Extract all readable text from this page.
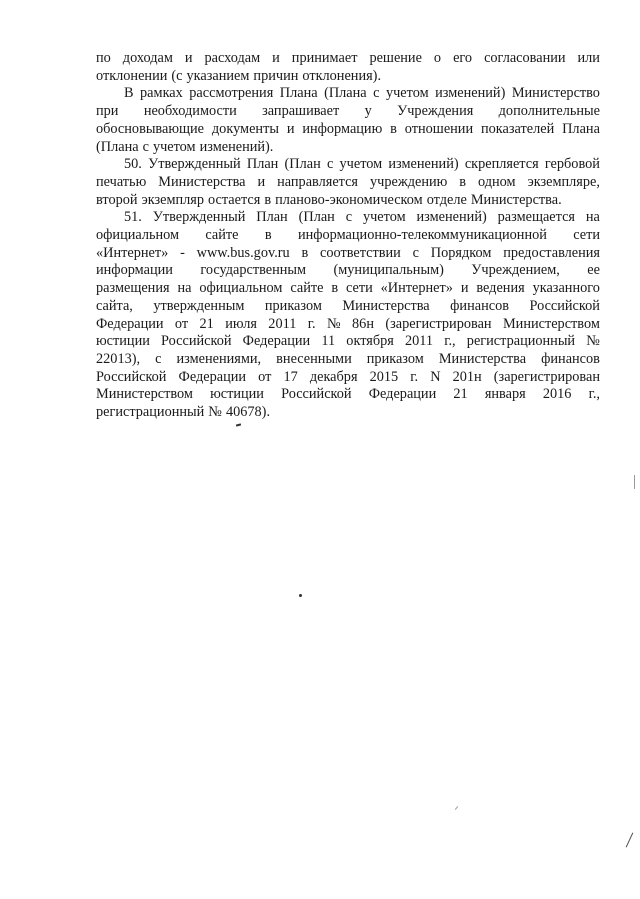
по доходам и расходам и принимает решение о его согласовании или
отклонении (с указанием причин отклонения).
В рамках рассмотрения Плана (Плана с учетом изменений) Министерство
при необходимости запрашивает у Учреждения дополнительные
обосновывающие документы и информацию в отношении показателей Плана
(Плана с учетом изменений).
50. Утвержденный План (План с учетом изменений) скрепляется гербовой
печатью Министерства и направляется учреждению в одном экземпляре,
второй экземпляр остается в планово-экономическом отделе Министерства.
51. Утвержденный План (План с учетом изменений) размещается на
официальном сайте в информационно-телекоммуникационной сети
«Интернет» - www.bus.gov.ru в соответствии с Порядком предоставления
информации государственным (муниципальным) Учреждением, ее
размещения на официальном сайте в сети «Интернет» и ведения указанного
сайта, утвержденным приказом Министерства финансов Российской
Федерации от 21 июля 2011 г. № 86н (зарегистрирован Министерством
юстиции Российской Федерации 11 октября 2011 г., регистрационный №
22013), с изменениями, внесенными приказом Министерства финансов
Российской Федерации от 17 декабря 2015 г. N 201н (зарегистрирован
Министерством юстиции Российской Федерации 21 января 2016 г.,
регистрационный № 40678).
